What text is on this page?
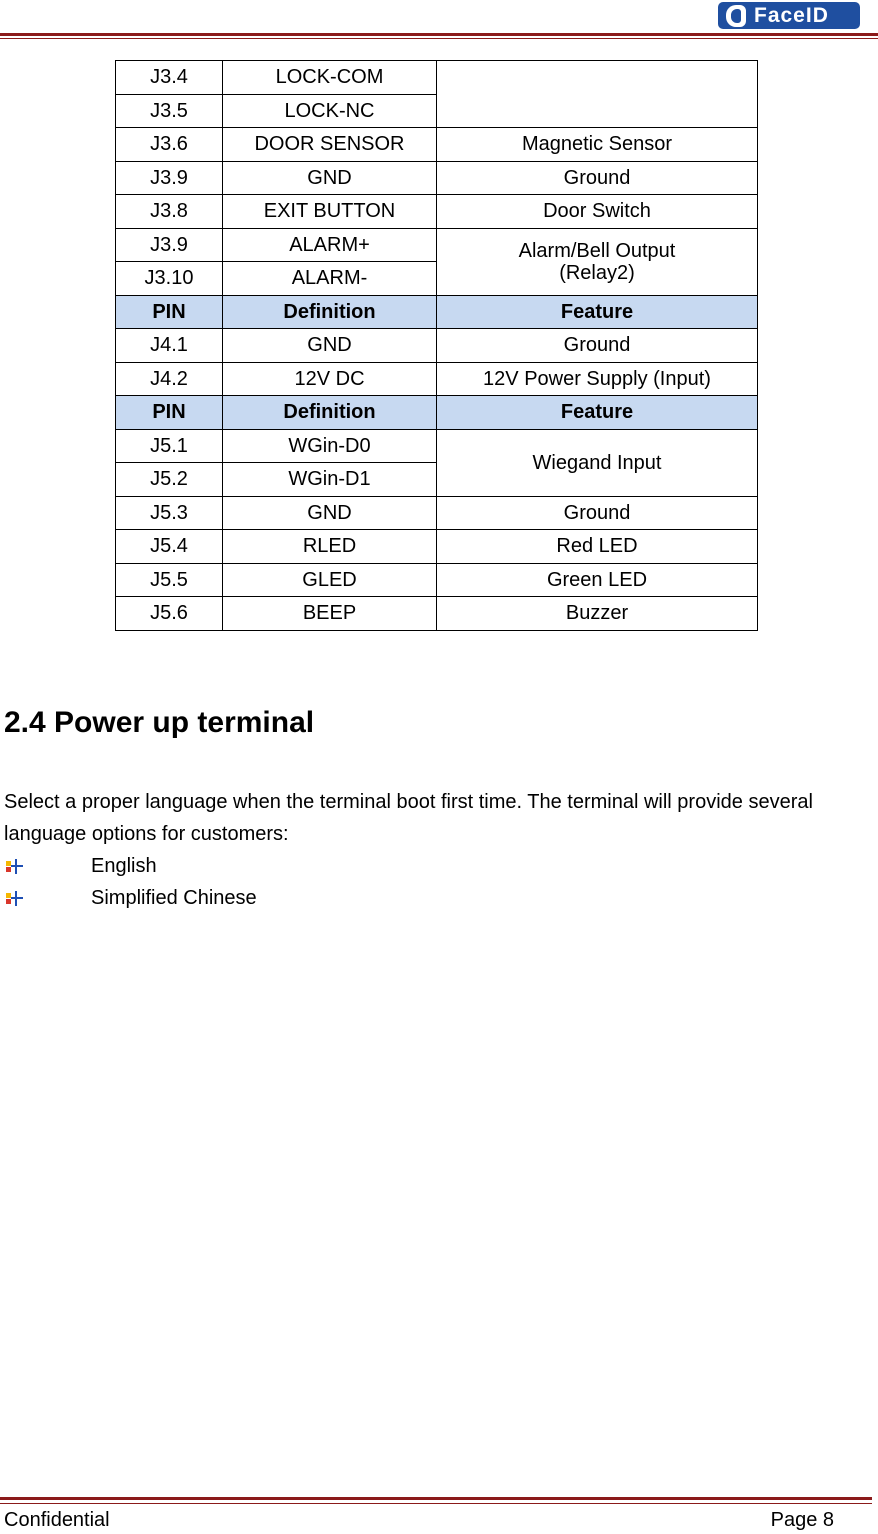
FaceID
J3.4	LOCK-COM	
J3.5	LOCK-NC	
J3.6	DOOR SENSOR	Magnetic Sensor
J3.9	GND	Ground
J3.8	EXIT BUTTON	Door Switch
J3.9	ALARM+	Alarm/Bell Output
(Relay2)
J3.10	ALARM-	
PIN	Definition	Feature
J4.1	GND	Ground
J4.2	12V DC	12V Power Supply (Input)
PIN	Definition	Feature
J5.1	WGin-D0	Wiegand Input
J5.2	WGin-D1	
J5.3	GND	Ground
J5.4	RLED	Red LED
J5.5	GLED	Green LED
J5.6	BEEP	Buzzer
2.4 Power up terminal

Select a proper language when the terminal boot first time. The terminal will provide several language options for customers:

English
Simplified Chinese
Confidential	Page 8
